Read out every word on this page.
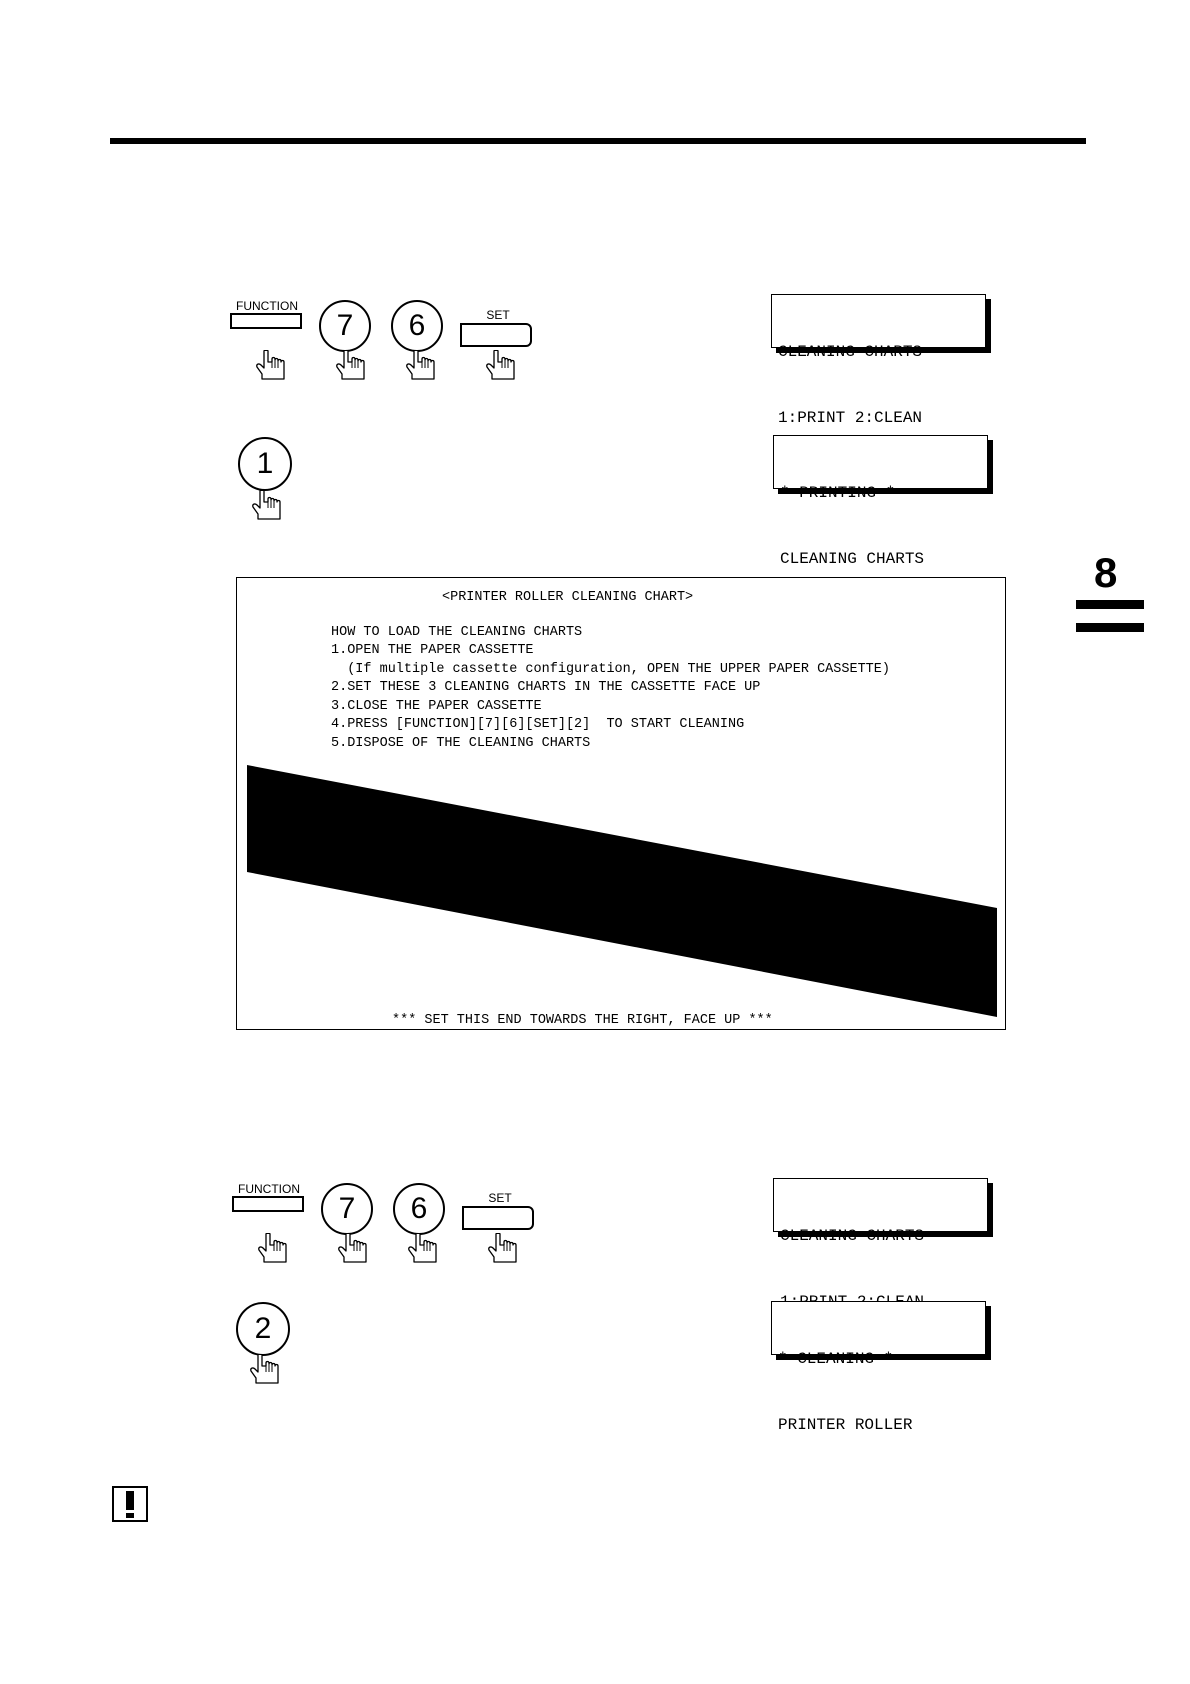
FUNCTION
7	6	SET

CLEANING CHARTS

1:PRINT 2:CLEAN

1

* PRINTING *

CLEANING CHARTS	8
<PRINTER ROLLER CLEANING CHART>
HOW TO LOAD THE CLEANING CHARTS
1.OPEN THE PAPER CASSETTE
(If multiple cassette configuration, OPEN THE UPPER PAPER CASSETTE)
2.SET THESE 3 CLEANING CHARTS IN THE CASSETTE FACE UP
3.CLOSE THE PAPER CASSETTE
4.PRESS [FUNCTION][7][6][SET][2]  TO START CLEANING
5.DISPOSE OF THE CLEANING CHARTS
*** SET THIS END TOWARDS THE RIGHT, FACE UP ***
FUNCTION
7	6	SET

CLEANING CHARTS

2

* CLEANING *

PRINTER ROLLER
